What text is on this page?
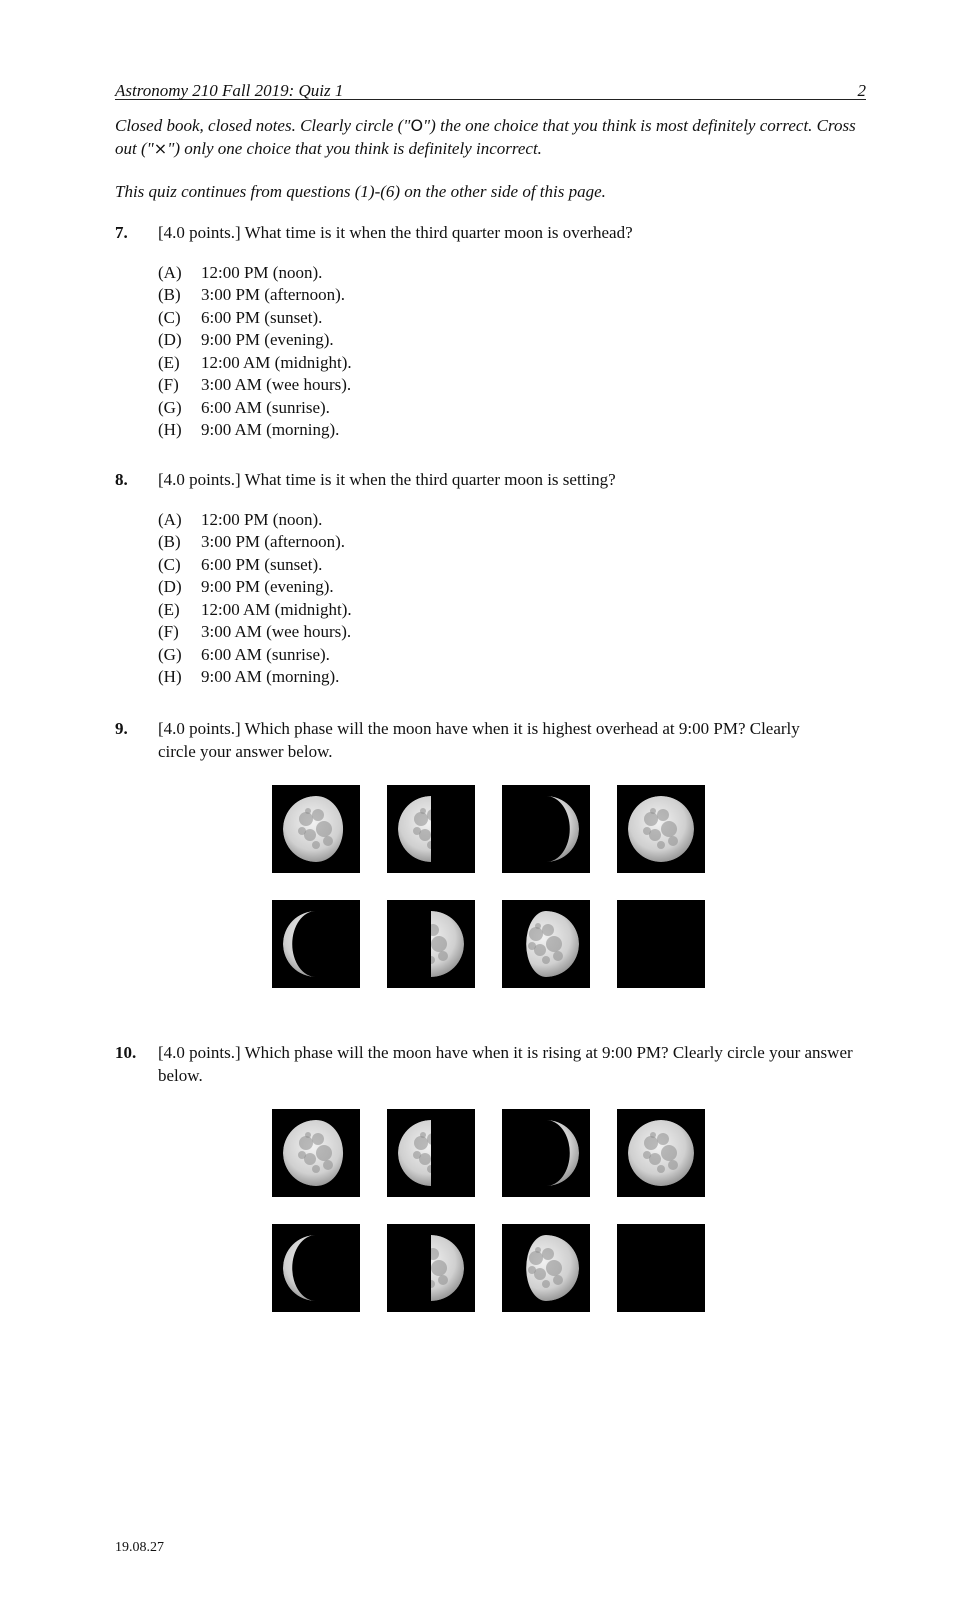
Astronomy 210 Fall 2019: Quiz 1	2
Closed book, closed notes. Clearly circle ("O") the one choice that you think is most definitely correct. Cross out ("×") only one choice that you think is definitely incorrect.
This quiz continues from questions (1)-(6) on the other side of this page.
7. [4.0 points.] What time is it when the third quarter moon is overhead?
(A) 12:00 PM (noon).
(B) 3:00 PM (afternoon).
(C) 6:00 PM (sunset).
(D) 9:00 PM (evening).
(E) 12:00 AM (midnight).
(F) 3:00 AM (wee hours).
(G) 6:00 AM (sunrise).
(H) 9:00 AM (morning).
8. [4.0 points.] What time is it when the third quarter moon is setting?
(A) 12:00 PM (noon).
(B) 3:00 PM (afternoon).
(C) 6:00 PM (sunset).
(D) 9:00 PM (evening).
(E) 12:00 AM (midnight).
(F) 3:00 AM (wee hours).
(G) 6:00 AM (sunrise).
(H) 9:00 AM (morning).
9. [4.0 points.] Which phase will the moon have when it is highest overhead at 9:00 PM? Clearly circle your answer below.
10. [4.0 points.] Which phase will the moon have when it is rising at 9:00 PM? Clearly circle your answer below.
19.08.27
